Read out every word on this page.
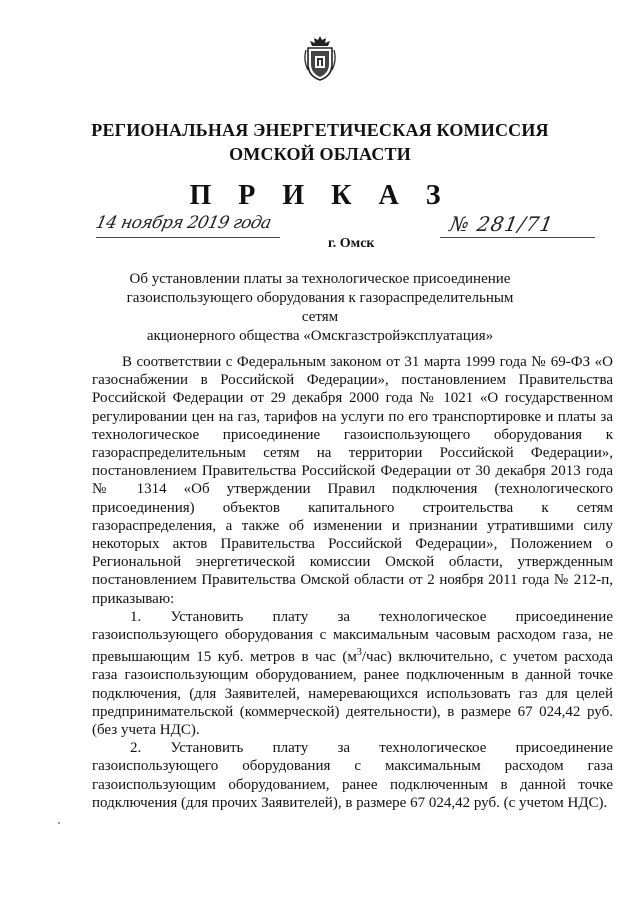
РЕГИОНАЛЬНАЯ ЭНЕРГЕТИЧЕСКАЯ КОМИССИЯ
ОМСКОЙ ОБЛАСТИ
П Р И К А З
14 ноября 2019 года
г. Омск
№ 281/71
Об установлении платы за технологическое присоединение
газоиспользующего оборудования к газораспределительным сетям
акционерного общества «Омскгазстройэксплуатация»

В соответствии с Федеральным законом от 31 марта 1999 года № 69-ФЗ «О газоснабжении в Российской Федерации», постановлением Правительства Российской Федерации от 29 декабря 2000 года № 1021 «О государственном регулировании цен на газ, тарифов на услуги по его транспортировке и платы за технологическое присоединение газоиспользующего оборудования к газораспределительным сетям на территории Российской Федерации», постановлением Правительства Российской Федерации от 30 декабря 2013 года № 1314 «Об утверждении Правил подключения (технологического присоединения) объектов капитального строительства к сетям газораспределения, а также об изменении и признании утратившими силу некоторых актов Правительства Российской Федерации», Положением о Региональной энергетической комиссии Омской области, утвержденным постановлением Правительства Омской области от 2 ноября 2011 года № 212-п, приказываю:

1. Установить плату за технологическое присоединение газоиспользующего оборудования с максимальным часовым расходом газа, не превышающим 15 куб. метров в час $(м^3/час)$ включительно, с учетом расхода газа газоиспользующим оборудованием, ранее подключенным в данной точке подключения, (для Заявителей, намеревающихся использовать газ для целей предпринимательской (коммерческой) деятельности), в размере 67 024,42 руб. (без учета НДС).

2. Установить плату за технологическое присоединение газоиспользующего оборудования с максимальным расходом газа газоиспользующим оборудованием, ранее подключенным в данной точке подключения (для прочих Заявителей), в размере 67 024,42 руб. (с учетом НДС).
